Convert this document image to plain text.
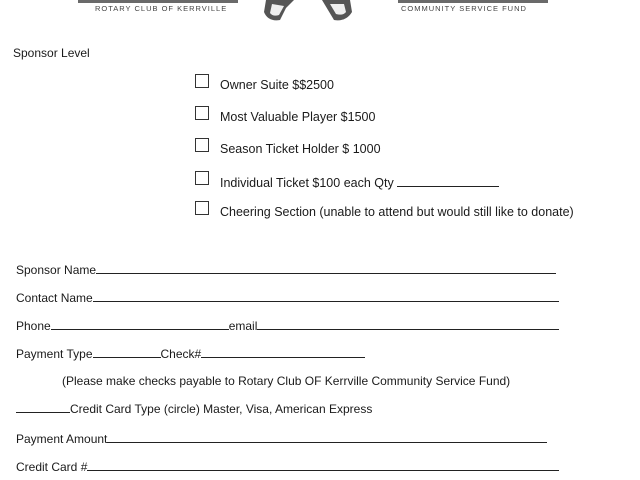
ROTARY CLUB OF KERRVILLE	COMMUNITY SERVICE FUND
Sponsor Level
Owner Suite $$2500
Most Valuable Player $1500
Season Ticket Holder $ 1000
Individual Ticket $100 each Qty
Cheering Section (unable to attend but would still like to donate)
Sponsor Name
Contact Name
Phone	email
Payment Type	Check#
(Please make checks payable to Rotary Club OF Kerrville Community Service Fund)
Credit Card Type (circle) Master, Visa, American Express
Payment Amount
Credit Card #
